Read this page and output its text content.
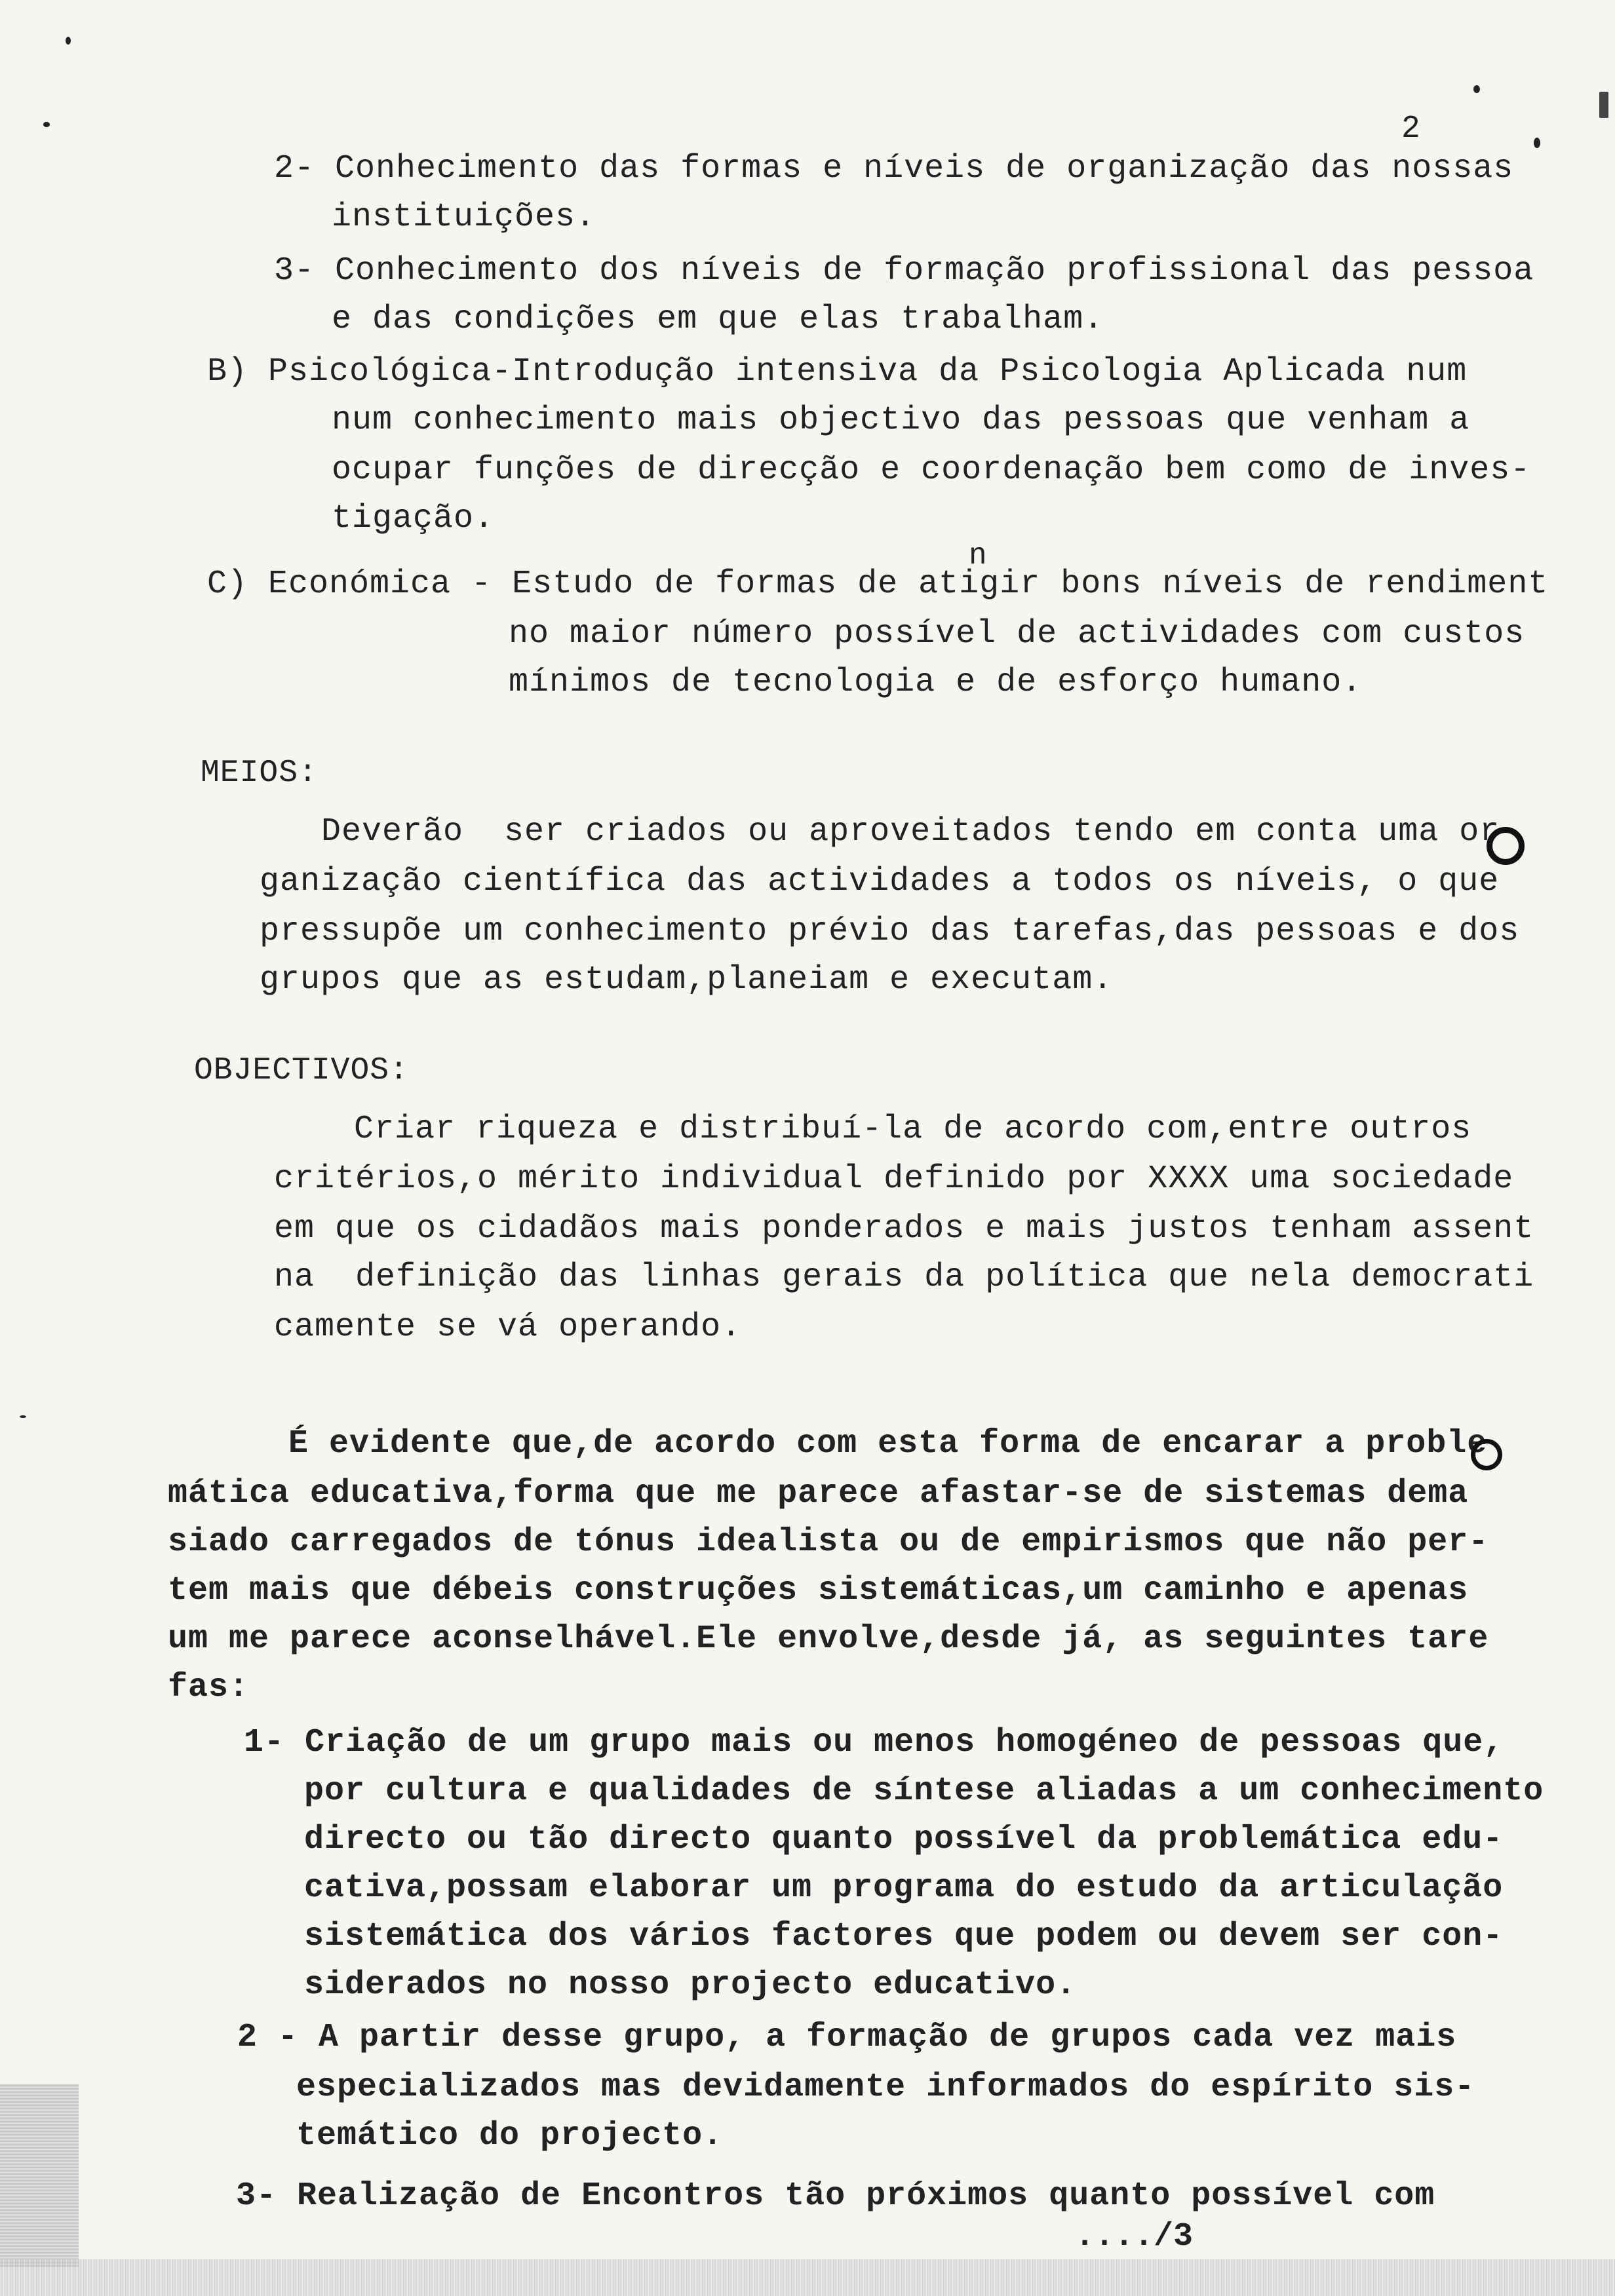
2
2- Conhecimento das formas e níveis de organização das nossas
instituições.
3- Conhecimento dos níveis de formação profissional das pessoa
e das condições em que elas trabalham.
B) Psicológica-Introdução intensiva da Psicologia Aplicada num
num conhecimento mais objectivo das pessoas que venham a
ocupar funções de direcção e coordenação bem como de inves-
tigação.
n
C) Económica - Estudo de formas de atigir bons níveis de rendiment
no maior número possível de actividades com custos
mínimos de tecnologia e de esforço humano.
MEIOS:
Deverão  ser criados ou aproveitados tendo em conta uma or
ganização científica das actividades a todos os níveis, o que
pressupõe um conhecimento prévio das tarefas,das pessoas e dos
grupos que as estudam,planeiam e executam.
OBJECTIVOS:
Criar riqueza e distribuí-la de acordo com,entre outros
critérios,o mérito individual definido por XXXX uma sociedade
em que os cidadãos mais ponderados e mais justos tenham assent
na  definição das linhas gerais da política que nela democrati
camente se vá operando.
É evidente que,de acordo com esta forma de encarar a proble
mática educativa,forma que me parece afastar-se de sistemas dema
siado carregados de tónus idealista ou de empirismos que não per-
tem mais que débeis construções sistemáticas,um caminho e apenas
um me parece aconselhável.Ele envolve,desde já, as seguintes tare
fas:
1- Criação de um grupo mais ou menos homogéneo de pessoas que,
por cultura e qualidades de síntese aliadas a um conhecimento
directo ou tão directo quanto possível da problemática edu-
cativa,possam elaborar um programa do estudo da articulação
sistemática dos vários factores que podem ou devem ser con-
siderados no nosso projecto educativo.
2 - A partir desse grupo, a formação de grupos cada vez mais
especializados mas devidamente informados do espírito sis-
temático do projecto.
3- Realização de Encontros tão próximos quanto possível com
..../3
